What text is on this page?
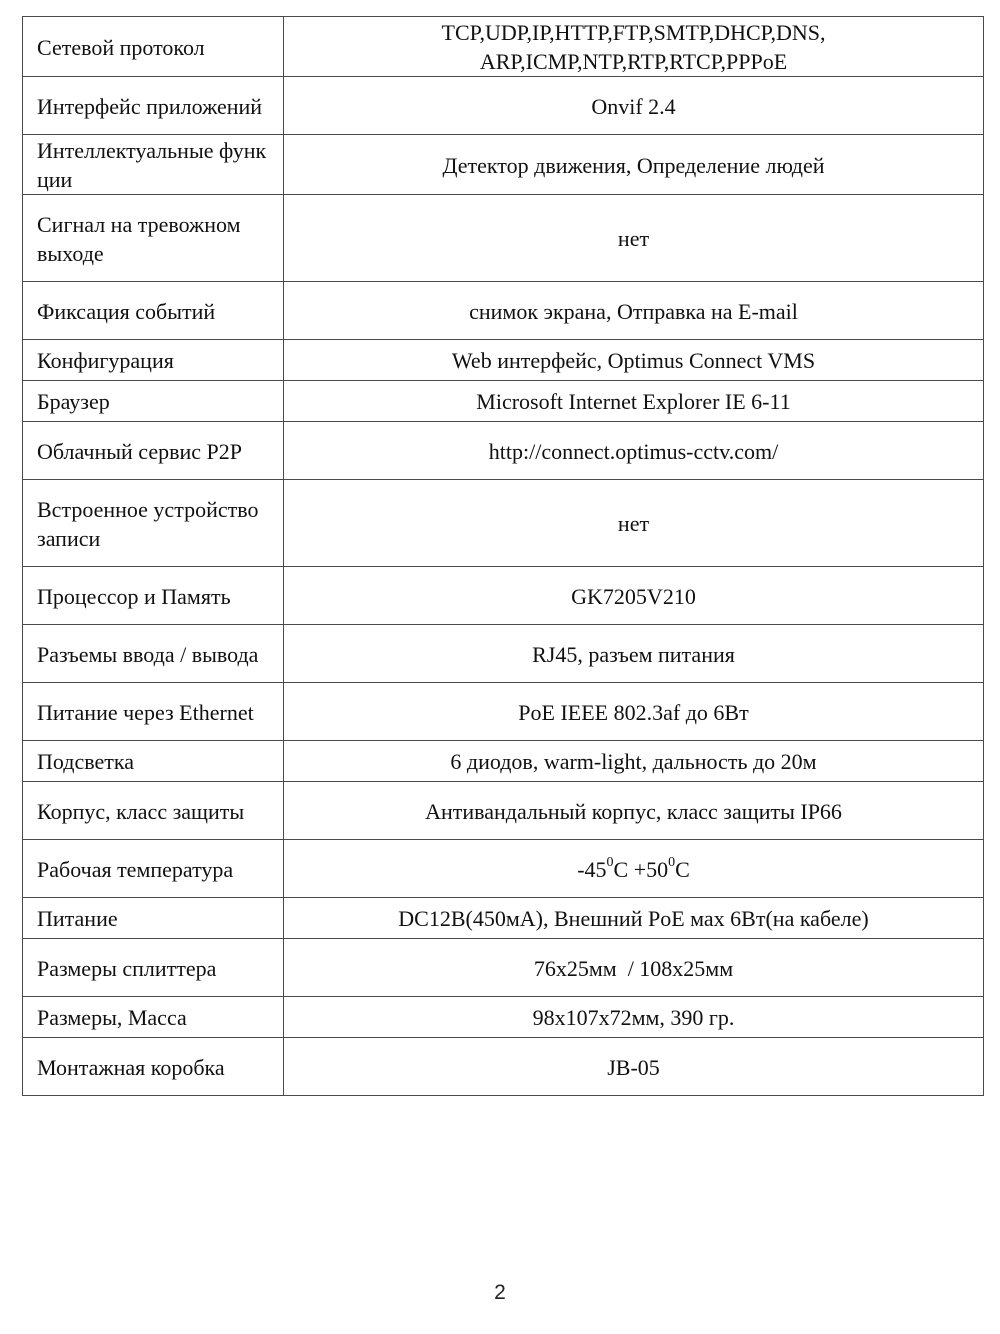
Сетевой протокол	TCP,UDP,IP,HTTP,FTP,SMTP,DHCP,DNS, ARP,ICMP,NTP,RTP,RTCP,PPPoE

Интерфейс приложений	Onvif 2.4
Интеллектуальные функции	Детектор движения, Определение людей
Сигнал на тревожном выходе	нет
Фиксация событий	снимок экрана, Отправка на E-mail
Конфигурация	Web интерфейс, Optimus Connect VMS
Браузер	Microsoft Internet Explorer IE 6-11
Облачный сервис P2P	http://connect.optimus-cctv.com/
Встроенное устройство записи	нет
Процессор и Память	GK7205V210
Разъемы ввода / вывода	RJ45, разъем питания
Питание через Ethernet	PoE IEEE 802.3af до 6Вт
Подсветка	6 диодов, warm-light, дальность до 20м
Корпус, класс защиты	Антивандальный корпус, класс защиты IP66
Рабочая температура	$-45^0C +50^0C$
Питание	DC12В(450мА), Внешний PoE мах 6Вт(на кабеле)
Размеры сплиттера	76x25мм  / 108x25мм
Размеры, Масса	98x107x72мм, 390 гр.
Монтажная коробка	JB-05
2
